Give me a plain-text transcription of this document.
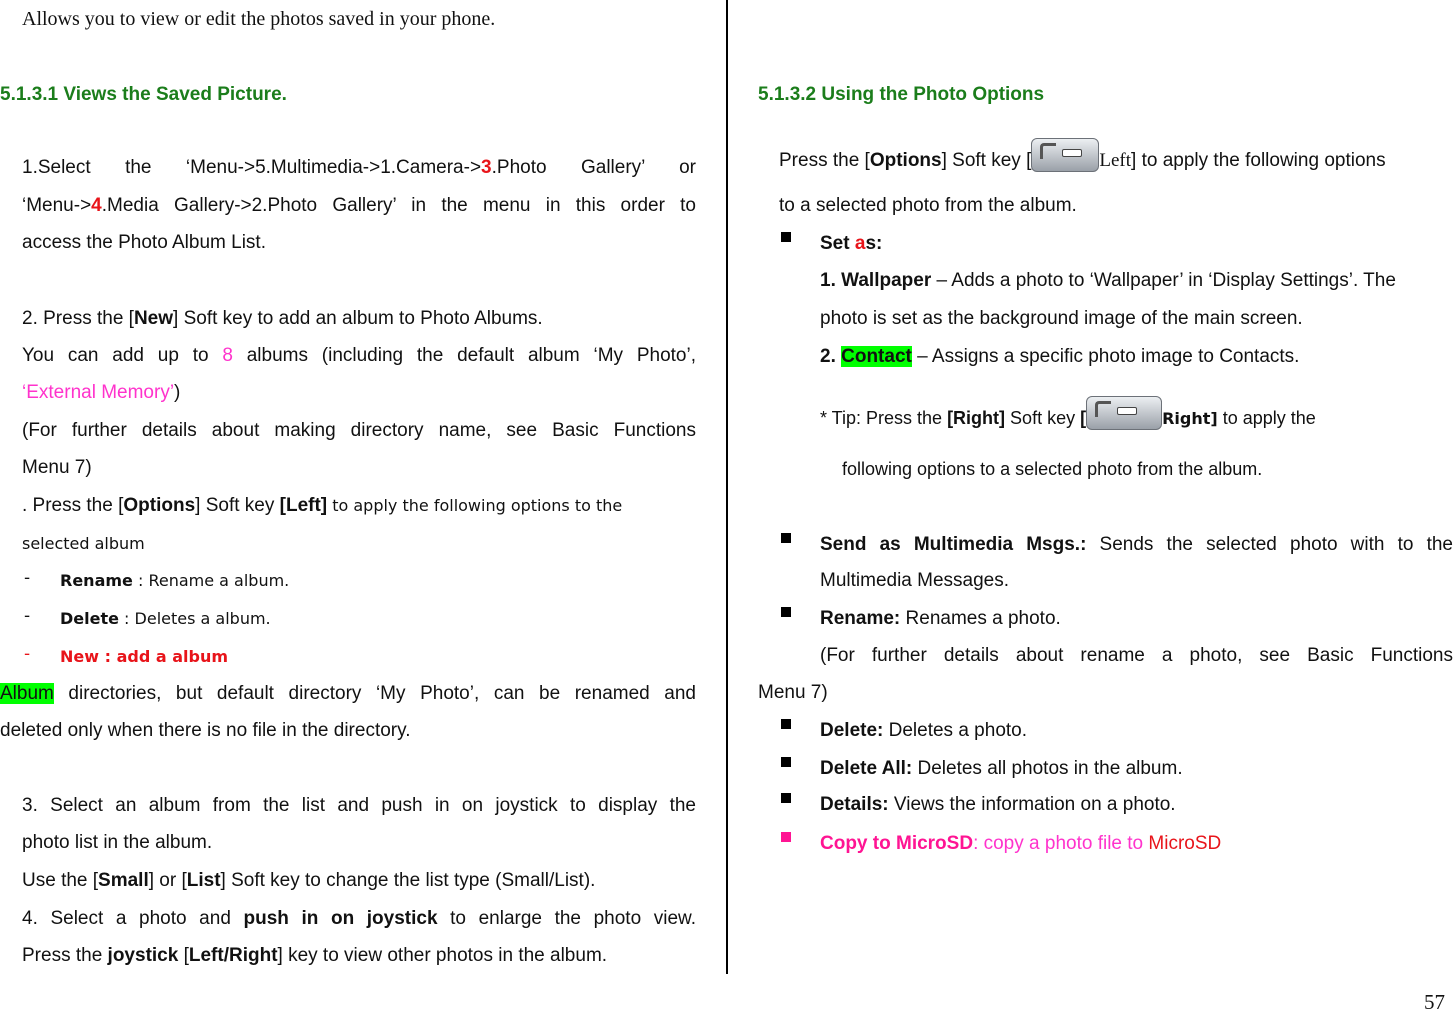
Allows you to view or edit the photos saved in your phone.
5.1.3.1 Views the Saved Picture.
1.Select the ‘Menu->5.Multimedia->1.Camera->3.Photo Gallery’ or
‘Menu->4.Media Gallery->2.Photo Gallery’ in the menu in this order to
access the Photo Album List.
2. Press the [New] Soft key to add an album to Photo Albums.
You can add up to 8 albums (including the default album ‘My Photo’,
‘External Memory’)
(For further details about making directory name, see Basic Functions
Menu 7)
. Press the [Options] Soft key [Left] to apply the following options to the
selected album
- Rename : Rename a album.
- Delete : Deletes a album.
- New : add a album
Album directories, but default directory ‘My Photo’, can be renamed and
deleted only when there is no file in the directory.
3. Select an album from the list and push in on joystick to display the
photo list in the album.
Use the [Small] or [List] Soft key to change the list type (Small/List).
4. Select a photo and push in on joystick to enlarge the photo view.
Press the joystick [Left/Right] key to view other photos in the album.
5.1.3.2 Using the Photo Options
Press the [Options] Soft key [	Left] to apply the following options
to a selected photo from the album.
Set as:
1. Wallpaper – Adds a photo to ‘Wallpaper’ in ‘Display Settings’. The
photo is set as the background image of the main screen.
2. Contact – Assigns a specific photo image to Contacts.
* Tip: Press the [Right] Soft key [	Right] to apply the
following options to a selected photo from the album.
Send as Multimedia Msgs.: Sends the selected photo with to the
Multimedia Messages.
Rename: Renames a photo.
(For further details about rename a photo, see Basic Functions
Menu 7)
Delete: Deletes a photo.
Delete All: Deletes all photos in the album.
Details: Views the information on a photo.
Copy to MicroSD: copy a photo file to MicroSD
57
